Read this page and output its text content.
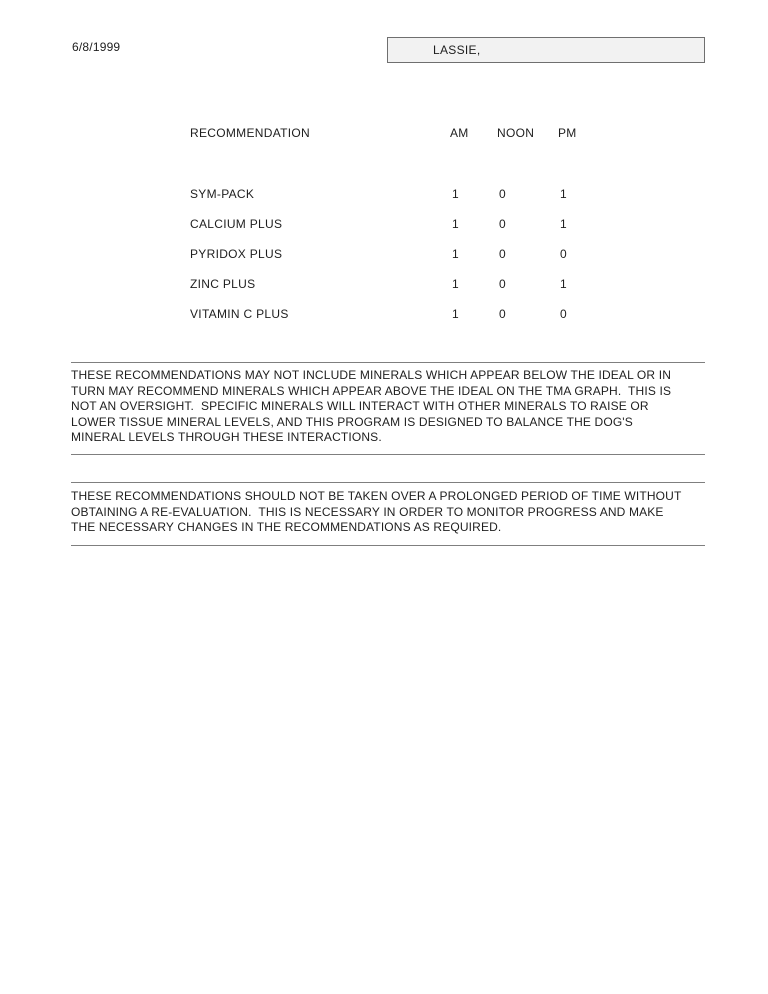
6/8/1999	LASSIE,
RECOMMENDATION	AM	NOON	PM
SYM-PACK	1	0	1
CALCIUM PLUS	1	0	1
PYRIDOX PLUS	1	0	0
ZINC PLUS	1	0	1
VITAMIN C PLUS	1	0	0
THESE RECOMMENDATIONS MAY NOT INCLUDE MINERALS WHICH APPEAR BELOW THE IDEAL OR IN
TURN MAY RECOMMEND MINERALS WHICH APPEAR ABOVE THE IDEAL ON THE TMA GRAPH.  THIS IS
NOT AN OVERSIGHT.  SPECIFIC MINERALS WILL INTERACT WITH OTHER MINERALS TO RAISE OR
LOWER TISSUE MINERAL LEVELS, AND THIS PROGRAM IS DESIGNED TO BALANCE THE DOG'S
MINERAL LEVELS THROUGH THESE INTERACTIONS.
THESE RECOMMENDATIONS SHOULD NOT BE TAKEN OVER A PROLONGED PERIOD OF TIME WITHOUT
OBTAINING A RE-EVALUATION.  THIS IS NECESSARY IN ORDER TO MONITOR PROGRESS AND MAKE
THE NECESSARY CHANGES IN THE RECOMMENDATIONS AS REQUIRED.
